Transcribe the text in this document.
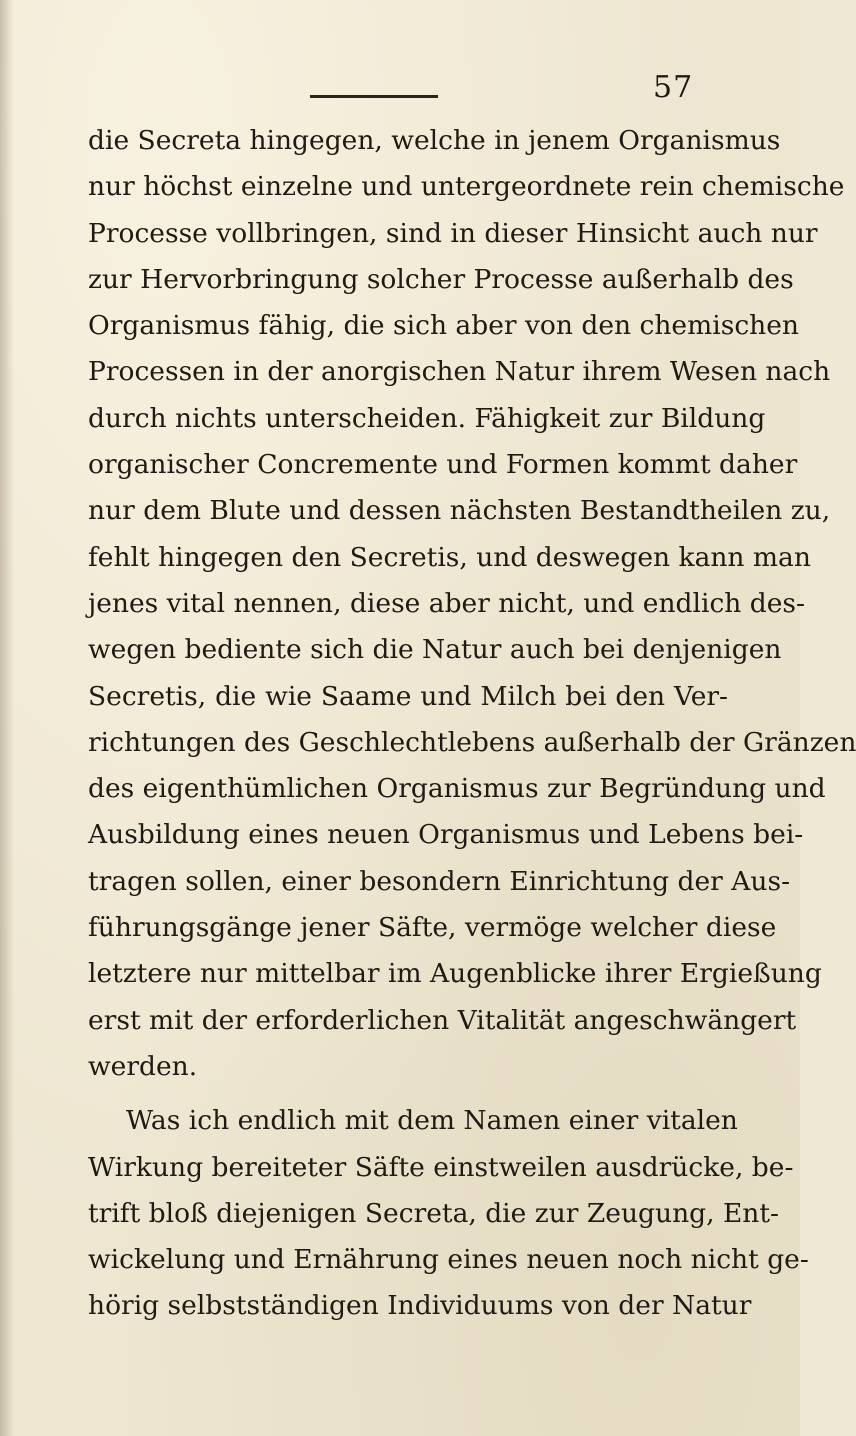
57
die Secreta hingegen, welche in jenem Organismus
nur höchst einzelne und untergeordnete rein chemische
Processe vollbringen, sind in dieser Hinsicht auch nur
zur Hervorbringung solcher Processe außerhalb des
Organismus fähig, die sich aber von den chemischen
Processen in der anorgischen Natur ihrem Wesen nach
durch nichts unterscheiden. Fähigkeit zur Bildung
organischer Concremente und Formen kommt daher
nur dem Blute und dessen nächsten Bestandtheilen zu,
fehlt hingegen den Secretis, und deswegen kann man
jenes vital nennen, diese aber nicht, und endlich des-
wegen bediente sich die Natur auch bei denjenigen
Secretis, die wie Saame und Milch bei den Ver-
richtungen des Geschlechtlebens außerhalb der Gränzen
des eigenthümlichen Organismus zur Begründung und
Ausbildung eines neuen Organismus und Lebens bei-
tragen sollen, einer besondern Einrichtung der Aus-
führungsgänge jener Säfte, vermöge welcher diese
letztere nur mittelbar im Augenblicke ihrer Ergießung
erst mit der erforderlichen Vitalität angeschwängert
werden.
Was ich endlich mit dem Namen einer vitalen
Wirkung bereiteter Säfte einstweilen ausdrücke, be-
trift bloß diejenigen Secreta, die zur Zeugung, Ent-
wickelung und Ernährung eines neuen noch nicht ge-
hörig selbstständigen Individuums von der Natur
